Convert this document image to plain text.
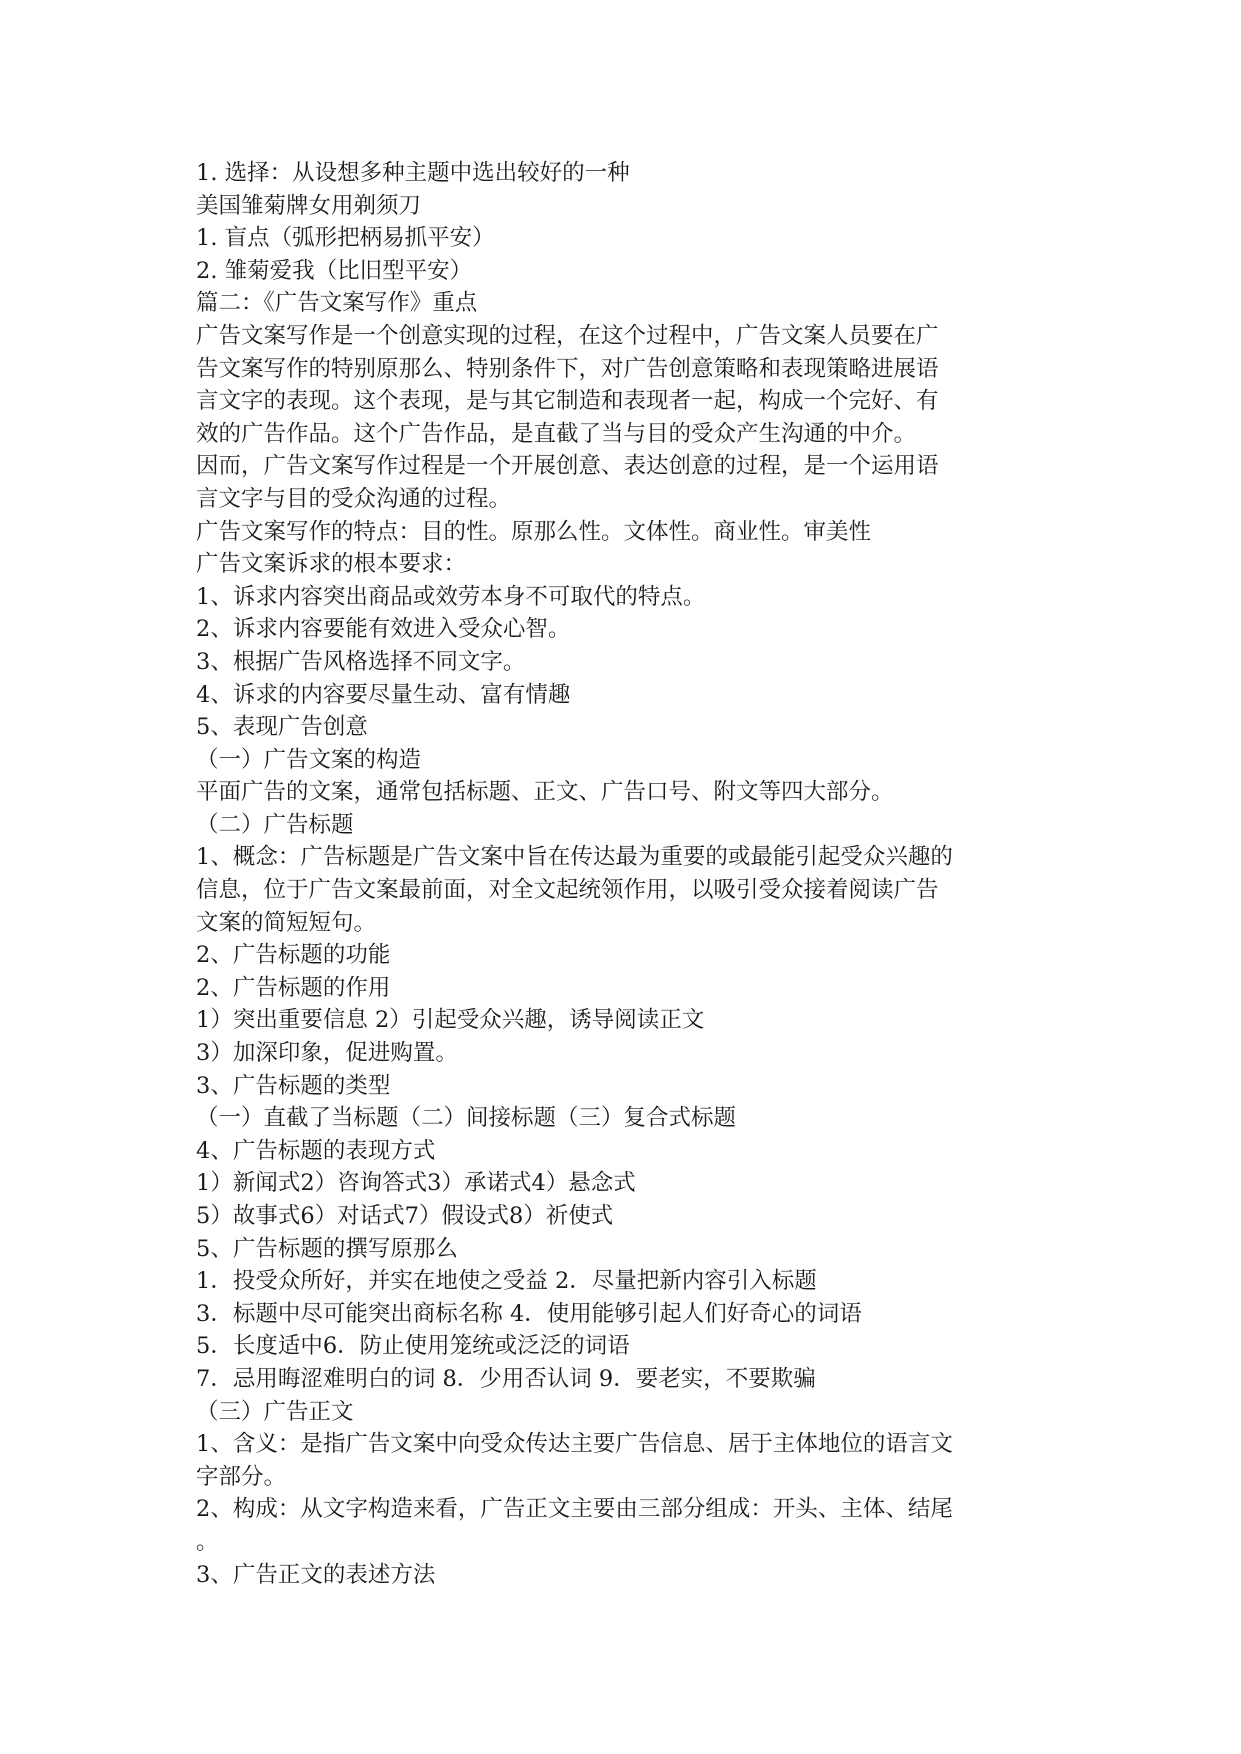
1. 选择：从设想多种主题中选出较好的一种

美国雏菊牌女用剃须刀

1. 盲点（弧形把柄易抓平安）

2. 雏菊爱我（比旧型平安）

篇二：《广告文案写作》重点

广告文案写作是一个创意实现的过程，在这个过程中，广告文案人员要在广

告文案写作的特别原那么、特别条件下，对广告创意策略和表现策略进展语

言文字的表现。这个表现，是与其它制造和表现者一起，构成一个完好、有

效的广告作品。这个广告作品，是直截了当与目的受众产生沟通的中介。

因而，广告文案写作过程是一个开展创意、表达创意的过程，是一个运用语

言文字与目的受众沟通的过程。

广告文案写作的特点：目的性。原那么性。文体性。商业性。审美性

广告文案诉求的根本要求：

1、诉求内容突出商品或效劳本身不可取代的特点。

2、诉求内容要能有效进入受众心智。

3、根据广告风格选择不同文字。

4、诉求的内容要尽量生动、富有情趣

5、表现广告创意

（一）广告文案的构造

平面广告的文案，通常包括标题、正文、广告口号、附文等四大部分。

（二）广告标题

1、概念：广告标题是广告文案中旨在传达最为重要的或最能引起受众兴趣的

信息，位于广告文案最前面，对全文起统领作用，以吸引受众接着阅读广告

文案的简短短句。

2、广告标题的功能

2、广告标题的作用

1）突出重要信息 2）引起受众兴趣，诱导阅读正文

3）加深印象，促进购置。

3、广告标题的类型

（一）直截了当标题（二）间接标题（三）复合式标题

4、广告标题的表现方式

1）新闻式2）咨询答式3）承诺式4）悬念式

5）故事式6）对话式7）假设式8）祈使式

5、广告标题的撰写原那么

1．投受众所好，并实在地使之受益 2．尽量把新内容引入标题

3．标题中尽可能突出商标名称 4．使用能够引起人们好奇心的词语

5．长度适中6．防止使用笼统或泛泛的词语

7．忌用晦涩难明白的词 8．少用否认词 9．要老实，不要欺骗

（三）广告正文

1、含义：是指广告文案中向受众传达主要广告信息、居于主体地位的语言文

字部分。

2、构成：从文字构造来看，广告正文主要由三部分组成：开头、主体、结尾

。

3、广告正文的表述方法
